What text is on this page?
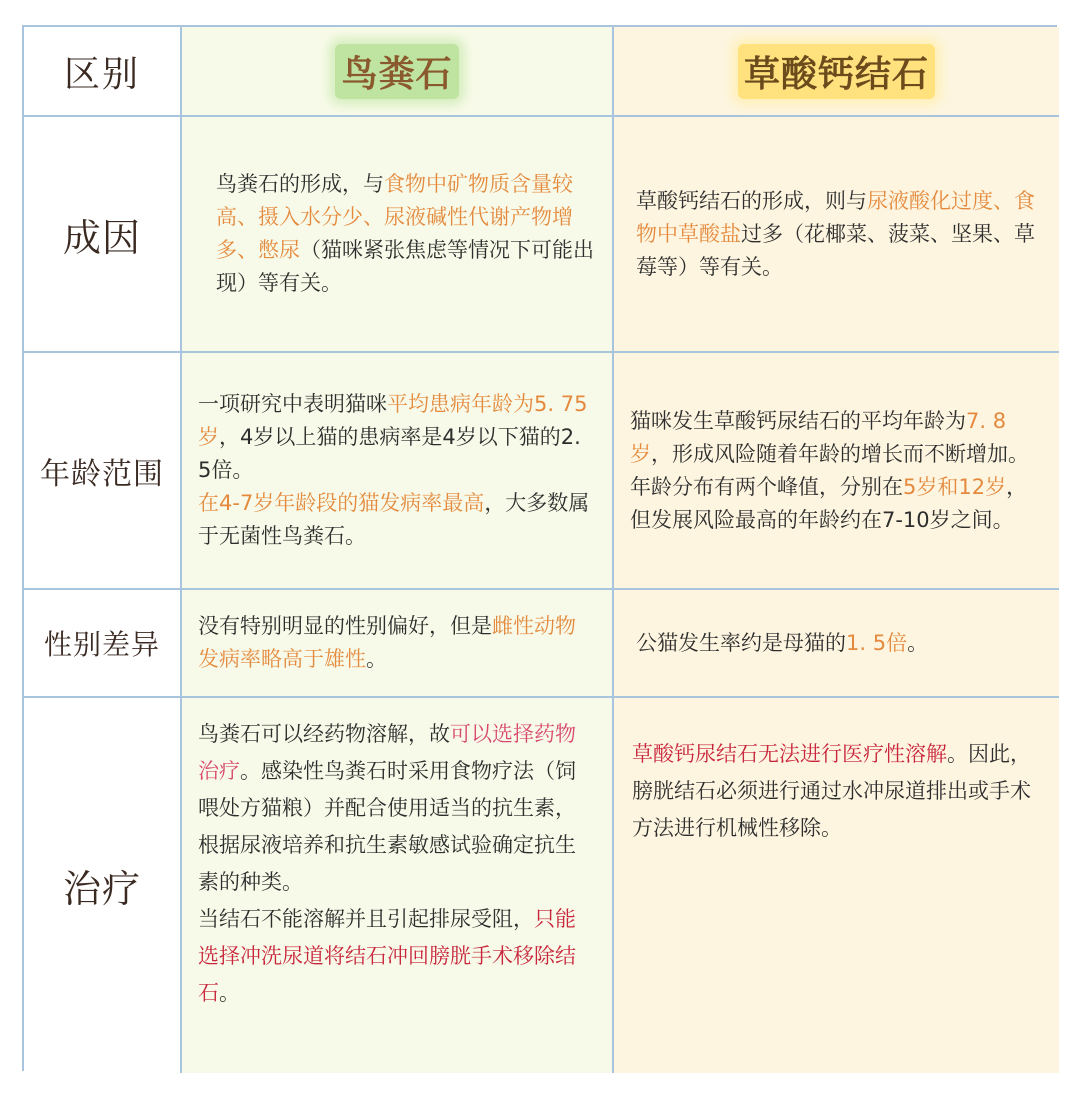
区别	鸟粪石	草酸钙结石
成因

鸟粪石的形成，与食物中矿物质含量较高、摄入水分少、尿液碱性代谢产物增多、憋尿（猫咪紧张焦虑等情况下可能出现）等有关。

草酸钙结石的形成，则与尿液酸化过度、食物中草酸盐过多（花椰菜、菠菜、坚果、草莓等）等有关。

年龄范围

一项研究中表明猫咪平均患病年龄为5. 75岁，4岁以上猫的患病率是4岁以下猫的2. 5倍。

在4-7岁年龄段的猫发病率最高，大多数属于无菌性鸟粪石。

猫咪发生草酸钙尿结石的平均年龄为7. 8岁，形成风险随着年龄的增长而不断增加。

年龄分布有两个峰值，分别在5岁和12岁，但发展风险最高的年龄约在7-10岁之间。

性别差异

没有特别明显的性别偏好，但是雌性动物发病率略高于雄性。

公猫发生率约是母猫的1. 5倍。

治疗

鸟粪石可以经药物溶解，故可以选择药物治疗。感染性鸟粪石时采用食物疗法（饲喂处方猫粮）并配合使用适当的抗生素，根据尿液培养和抗生素敏感试验确定抗生素的种类。

当结石不能溶解并且引起排尿受阻，只能选择冲洗尿道将结石冲回膀胱手术移除结石。

草酸钙尿结石无法进行医疗性溶解。因此，膀胱结石必须进行通过水冲尿道排出或手术方法进行机械性移除。
